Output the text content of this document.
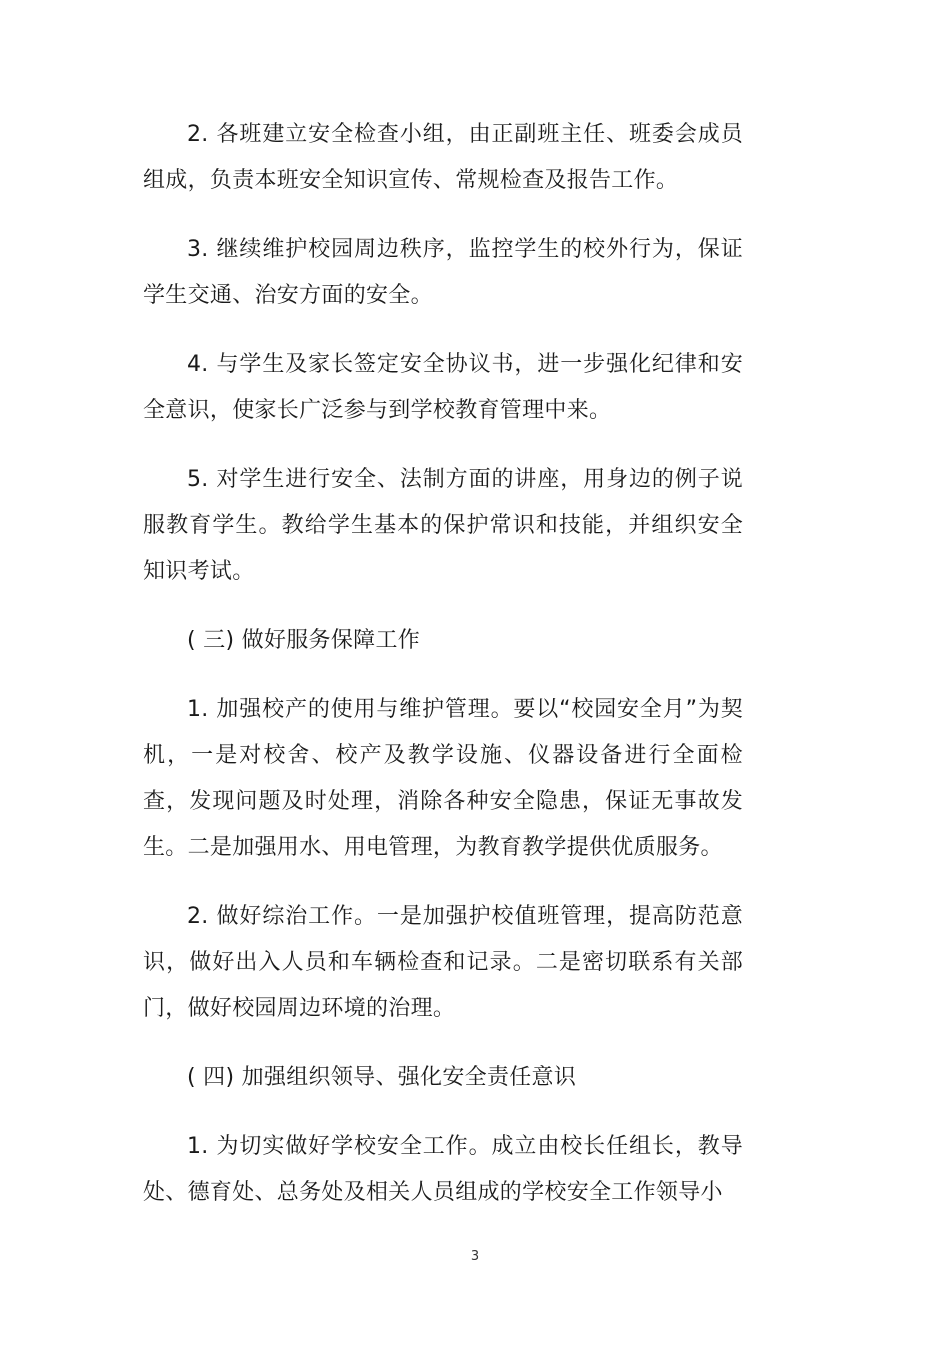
2. 各班建立安全检查小组，由正副班主任、班委会成员组成，负责本班安全知识宣传、常规检查及报告工作。

3. 继续维护校园周边秩序，监控学生的校外行为，保证学生交通、治安方面的安全。

4. 与学生及家长签定安全协议书，进一步强化纪律和安全意识，使家长广泛参与到学校教育管理中来。

5. 对学生进行安全、法制方面的讲座，用身边的例子说服教育学生。教给学生基本的保护常识和技能，并组织安全知识考试。

( 三) 做好服务保障工作

1. 加强校产的使用与维护管理。要以“校园安全月”为契机，一是对校舍、校产及教学设施、仪器设备进行全面检查，发现问题及时处理，消除各种安全隐患，保证无事故发生。二是加强用水、用电管理，为教育教学提供优质服务。

2. 做好综治工作。一是加强护校值班管理，提高防范意识，做好出入人员和车辆检查和记录。二是密切联系有关部门，做好校园周边环境的治理。

( 四) 加强组织领导、强化安全责任意识

1. 为切实做好学校安全工作。成立由校长任组长，教导处、德育处、总务处及相关人员组成的学校安全工作领导小

3
